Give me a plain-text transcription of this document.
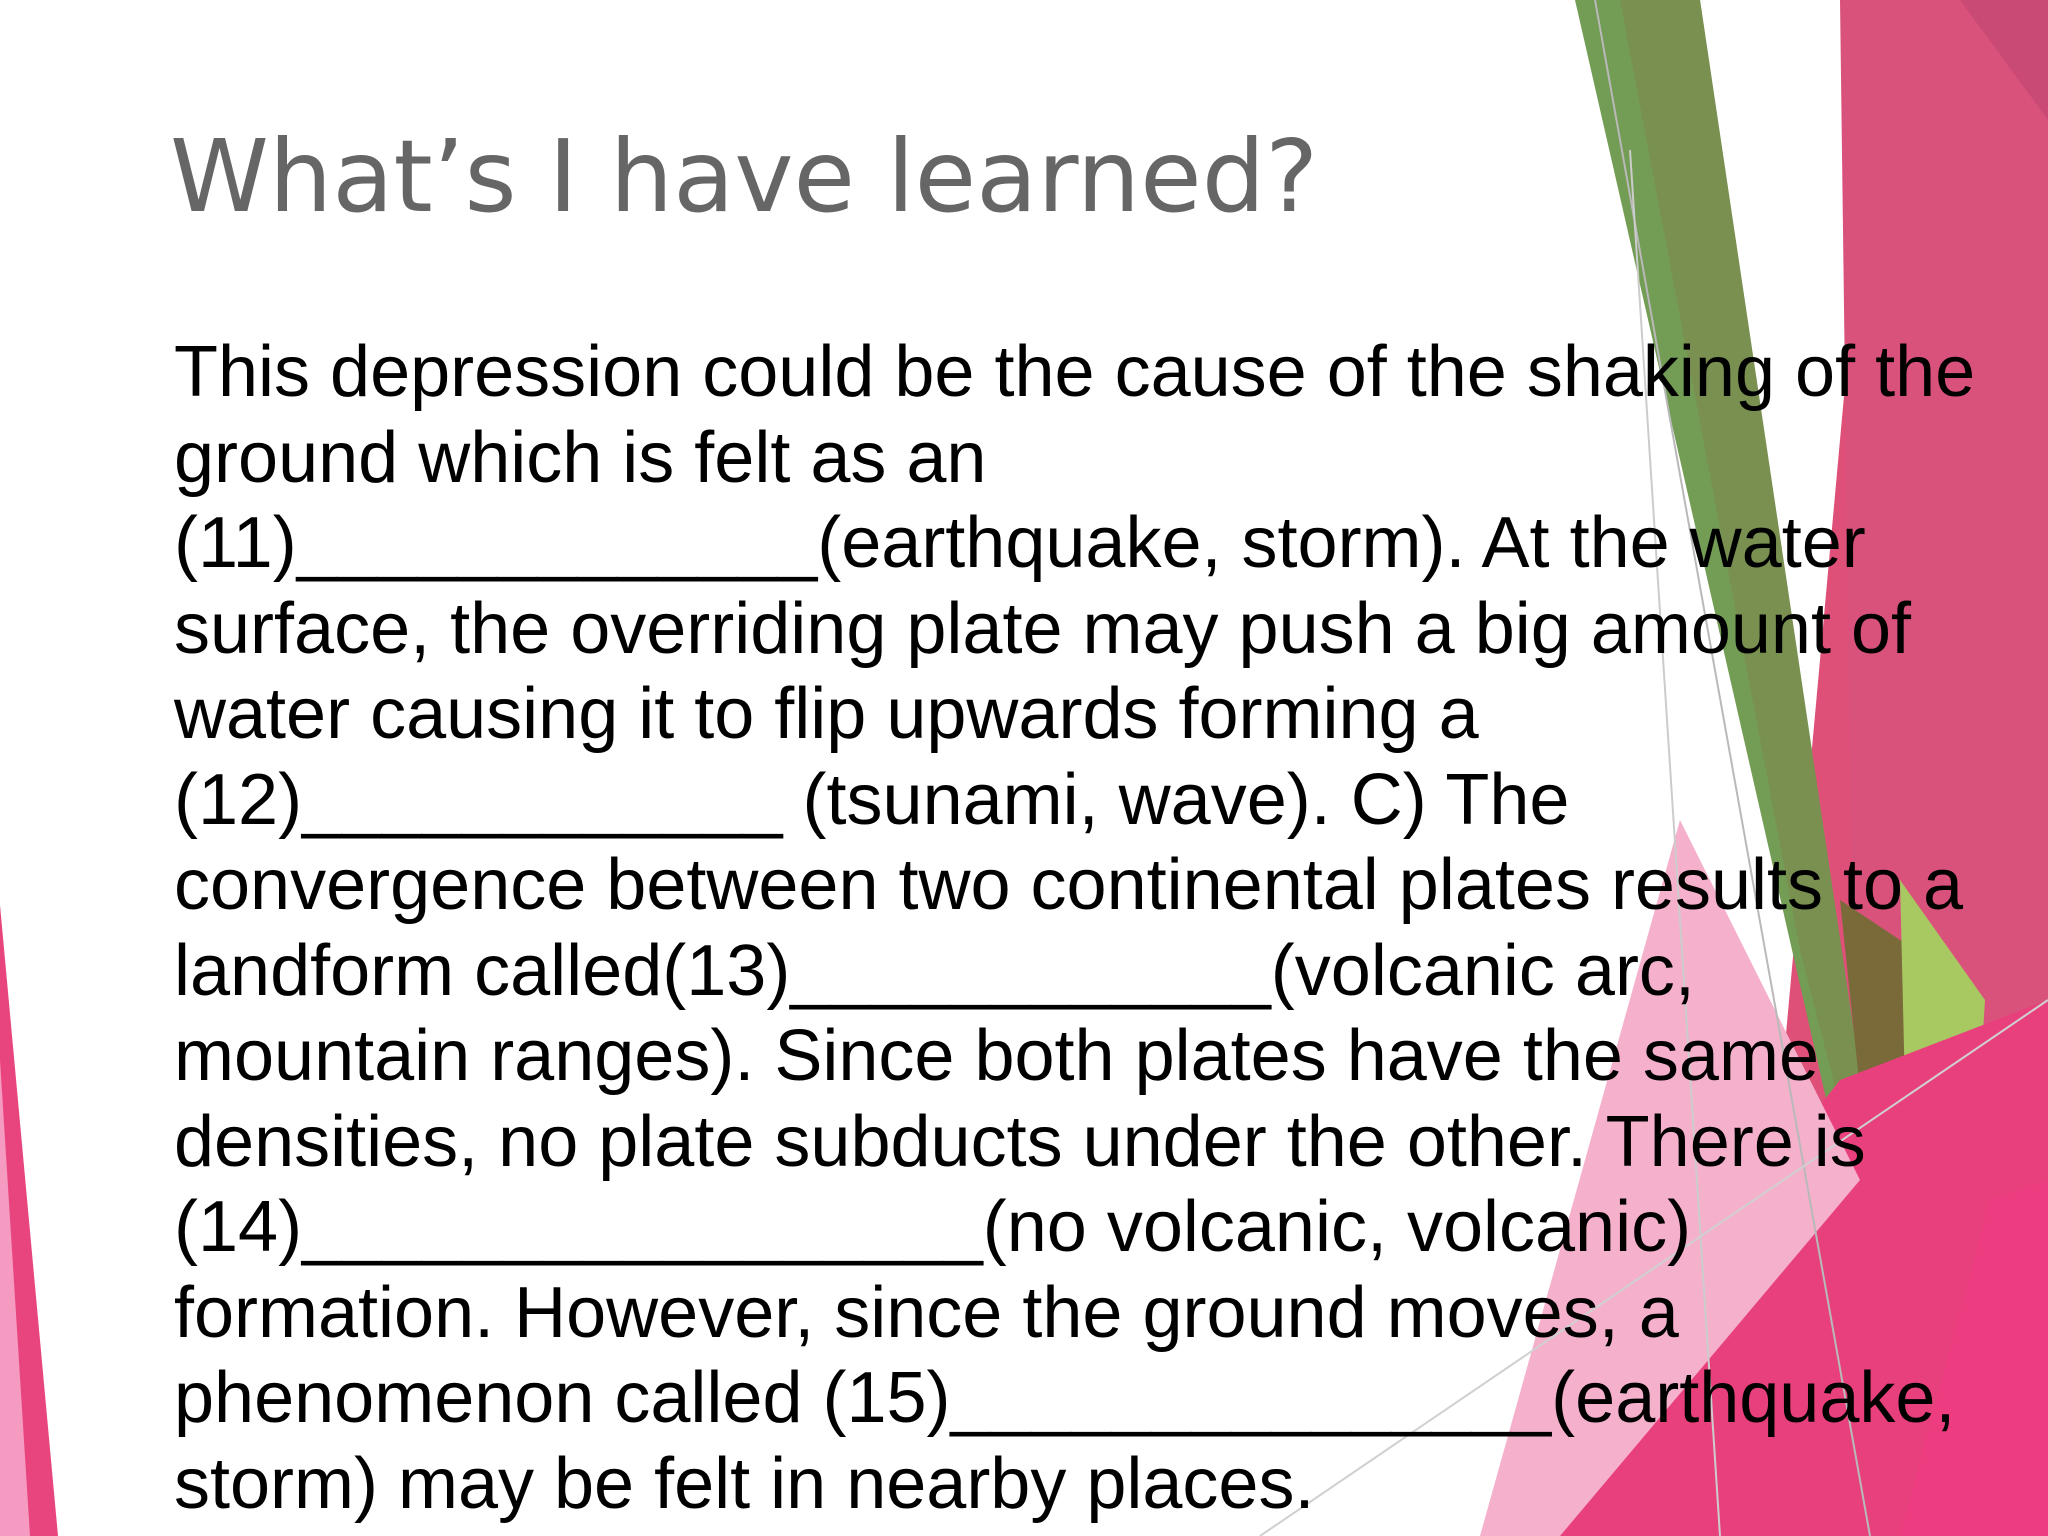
What’s I have learned?
This depression could be the cause of the shaking of the
ground which is felt as an
(11)_____________(earthquake, storm). At the water
surface, the overriding plate may push a big amount of
water causing it to flip upwards forming a
(12)____________ (tsunami, wave). C) The
convergence between two continental plates results to a
landform called(13)____________(volcanic arc,
mountain ranges). Since both plates have the same
densities, no plate subducts under the other. There is
(14)_________________(no volcanic, volcanic)
formation. However, since the ground moves, a
phenomenon called (15)_______________(earthquake,
storm) may be felt in nearby places.
